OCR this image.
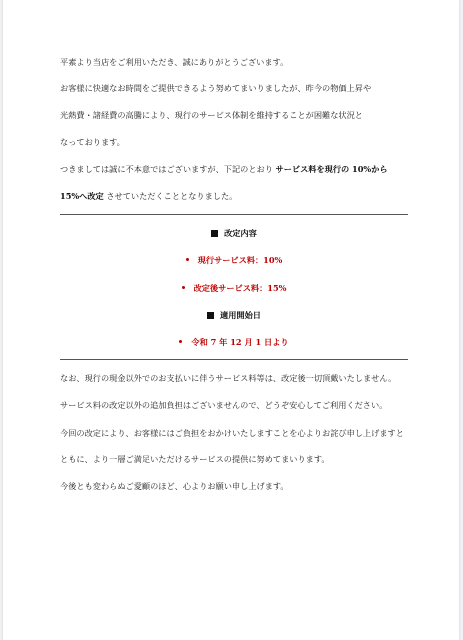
平素より当店をご利用いただき、誠にありがとうございます。

お客様に快適なお時間をご提供できるよう努めてまいりましたが、昨今の物価上昇や

光熱費・諸経費の高騰により、現行のサービス体制を維持することが困難な状況と

なっております。

つきましては誠に不本意ではございますが、下記のとおり サービス料を現行の 10%から

15%へ改定 させていただくこととなりました。

改定内容

現行サービス料：10%

改定後サービス料：15%

適用開始日

令和 7 年 12 月 1 日より

なお、現行の現金以外でのお支払いに伴うサービス料等は、改定後一切頂戴いたしません。

サービス料の改定以外の追加負担はございませんので、どうぞ安心してご利用ください。

今回の改定により、お客様にはご負担をおかけいたしますことを心よりお詫び申し上げますと

ともに、より一層ご満足いただけるサービスの提供に努めてまいります。

今後とも変わらぬご愛顧のほど、心よりお願い申し上げます。
